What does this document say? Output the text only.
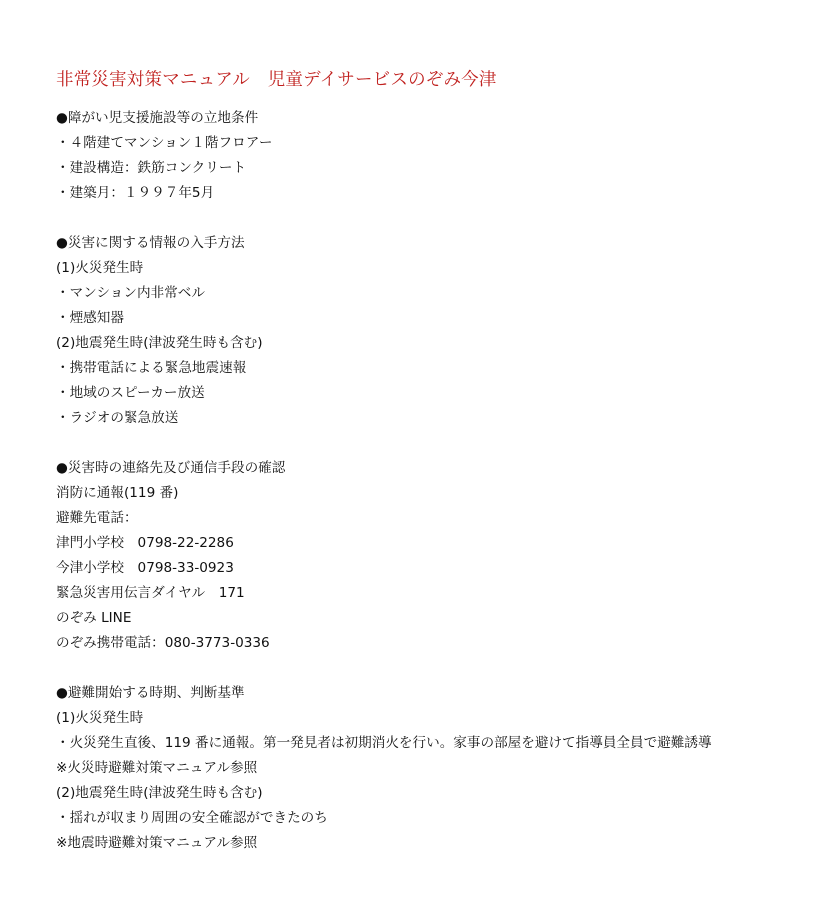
非常災害対策マニュアル　児童デイサービスのぞみ今津
●障がい児支援施設等の立地条件
・４階建てマンション１階フロアー
・建設構造：鉄筋コンクリート
・建築月：１９９７年5月
●災害に関する情報の入手方法
(1)火災発生時
・マンション内非常ベル
・煙感知器
(2)地震発生時(津波発生時も含む)
・携帯電話による緊急地震速報
・地域のスピーカー放送
・ラジオの緊急放送
●災害時の連絡先及び通信手段の確認
消防に通報(119 番)
避難先電話：
津門小学校　0798-22-2286
今津小学校　0798-33-0923
緊急災害用伝言ダイヤル　171
のぞみ LINE
のぞみ携帯電話：080-3773-0336
●避難開始する時期、判断基準
(1)火災発生時
・火災発生直後、119 番に通報。第一発見者は初期消火を行い。家事の部屋を避けて指導員全員で避難誘導
※火災時避難対策マニュアル参照
(2)地震発生時(津波発生時も含む)
・揺れが収まり周囲の安全確認ができたのち
※地震時避難対策マニュアル参照
